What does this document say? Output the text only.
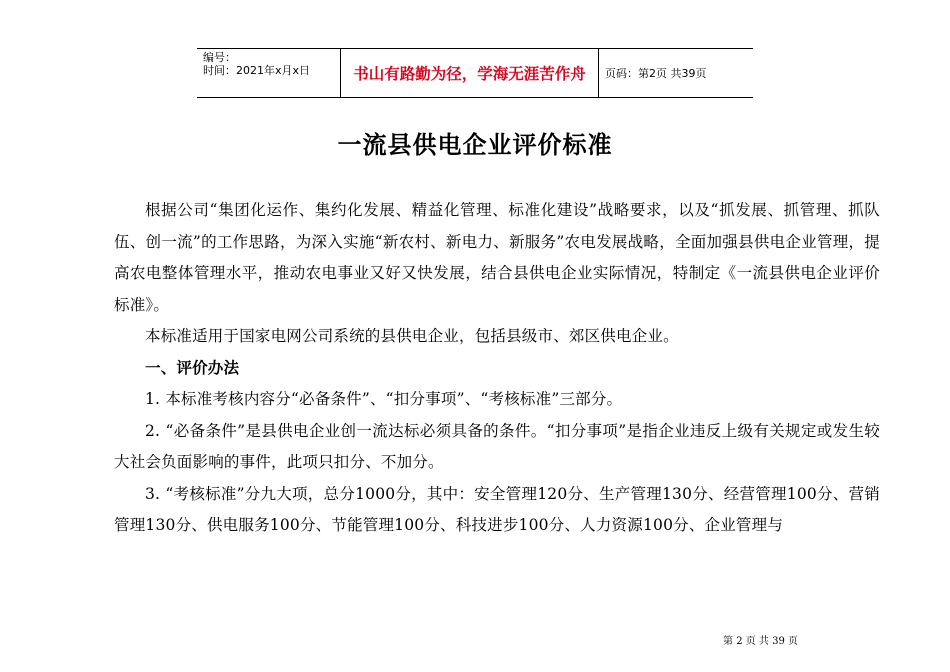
编号：
时间：2021年x月x日	书山有路勤为径，学海无涯苦作舟	页码：第2页 共39页
一流县供电企业评价标准

根据公司“集团化运作、集约化发展、精益化管理、标准化建设”战略要求，以及“抓发展、抓管理、抓队伍、创一流”的工作思路，为深入实施“新农村、新电力、新服务”农电发展战略，全面加强县供电企业管理，提高农电整体管理水平，推动农电事业又好又快发展，结合县供电企业实际情况，特制定《一流县供电企业评价标准》。

本标准适用于国家电网公司系统的县供电企业，包括县级市、郊区供电企业。

一、评价办法

1. 本标准考核内容分“必备条件”、“扣分事项”、“考核标准”三部分。

2. “必备条件”是县供电企业创一流达标必须具备的条件。“扣分事项”是指企业违反上级有关规定或发生较大社会负面影响的事件，此项只扣分、不加分。

3. “考核标准”分九大项，总分1000分，其中：安全管理120分、生产管理130分、经营管理100分、营销管理130分、供电服务100分、节能管理100分、科技进步100分、人力资源100分、企业管理与

第 2 页 共 39 页
